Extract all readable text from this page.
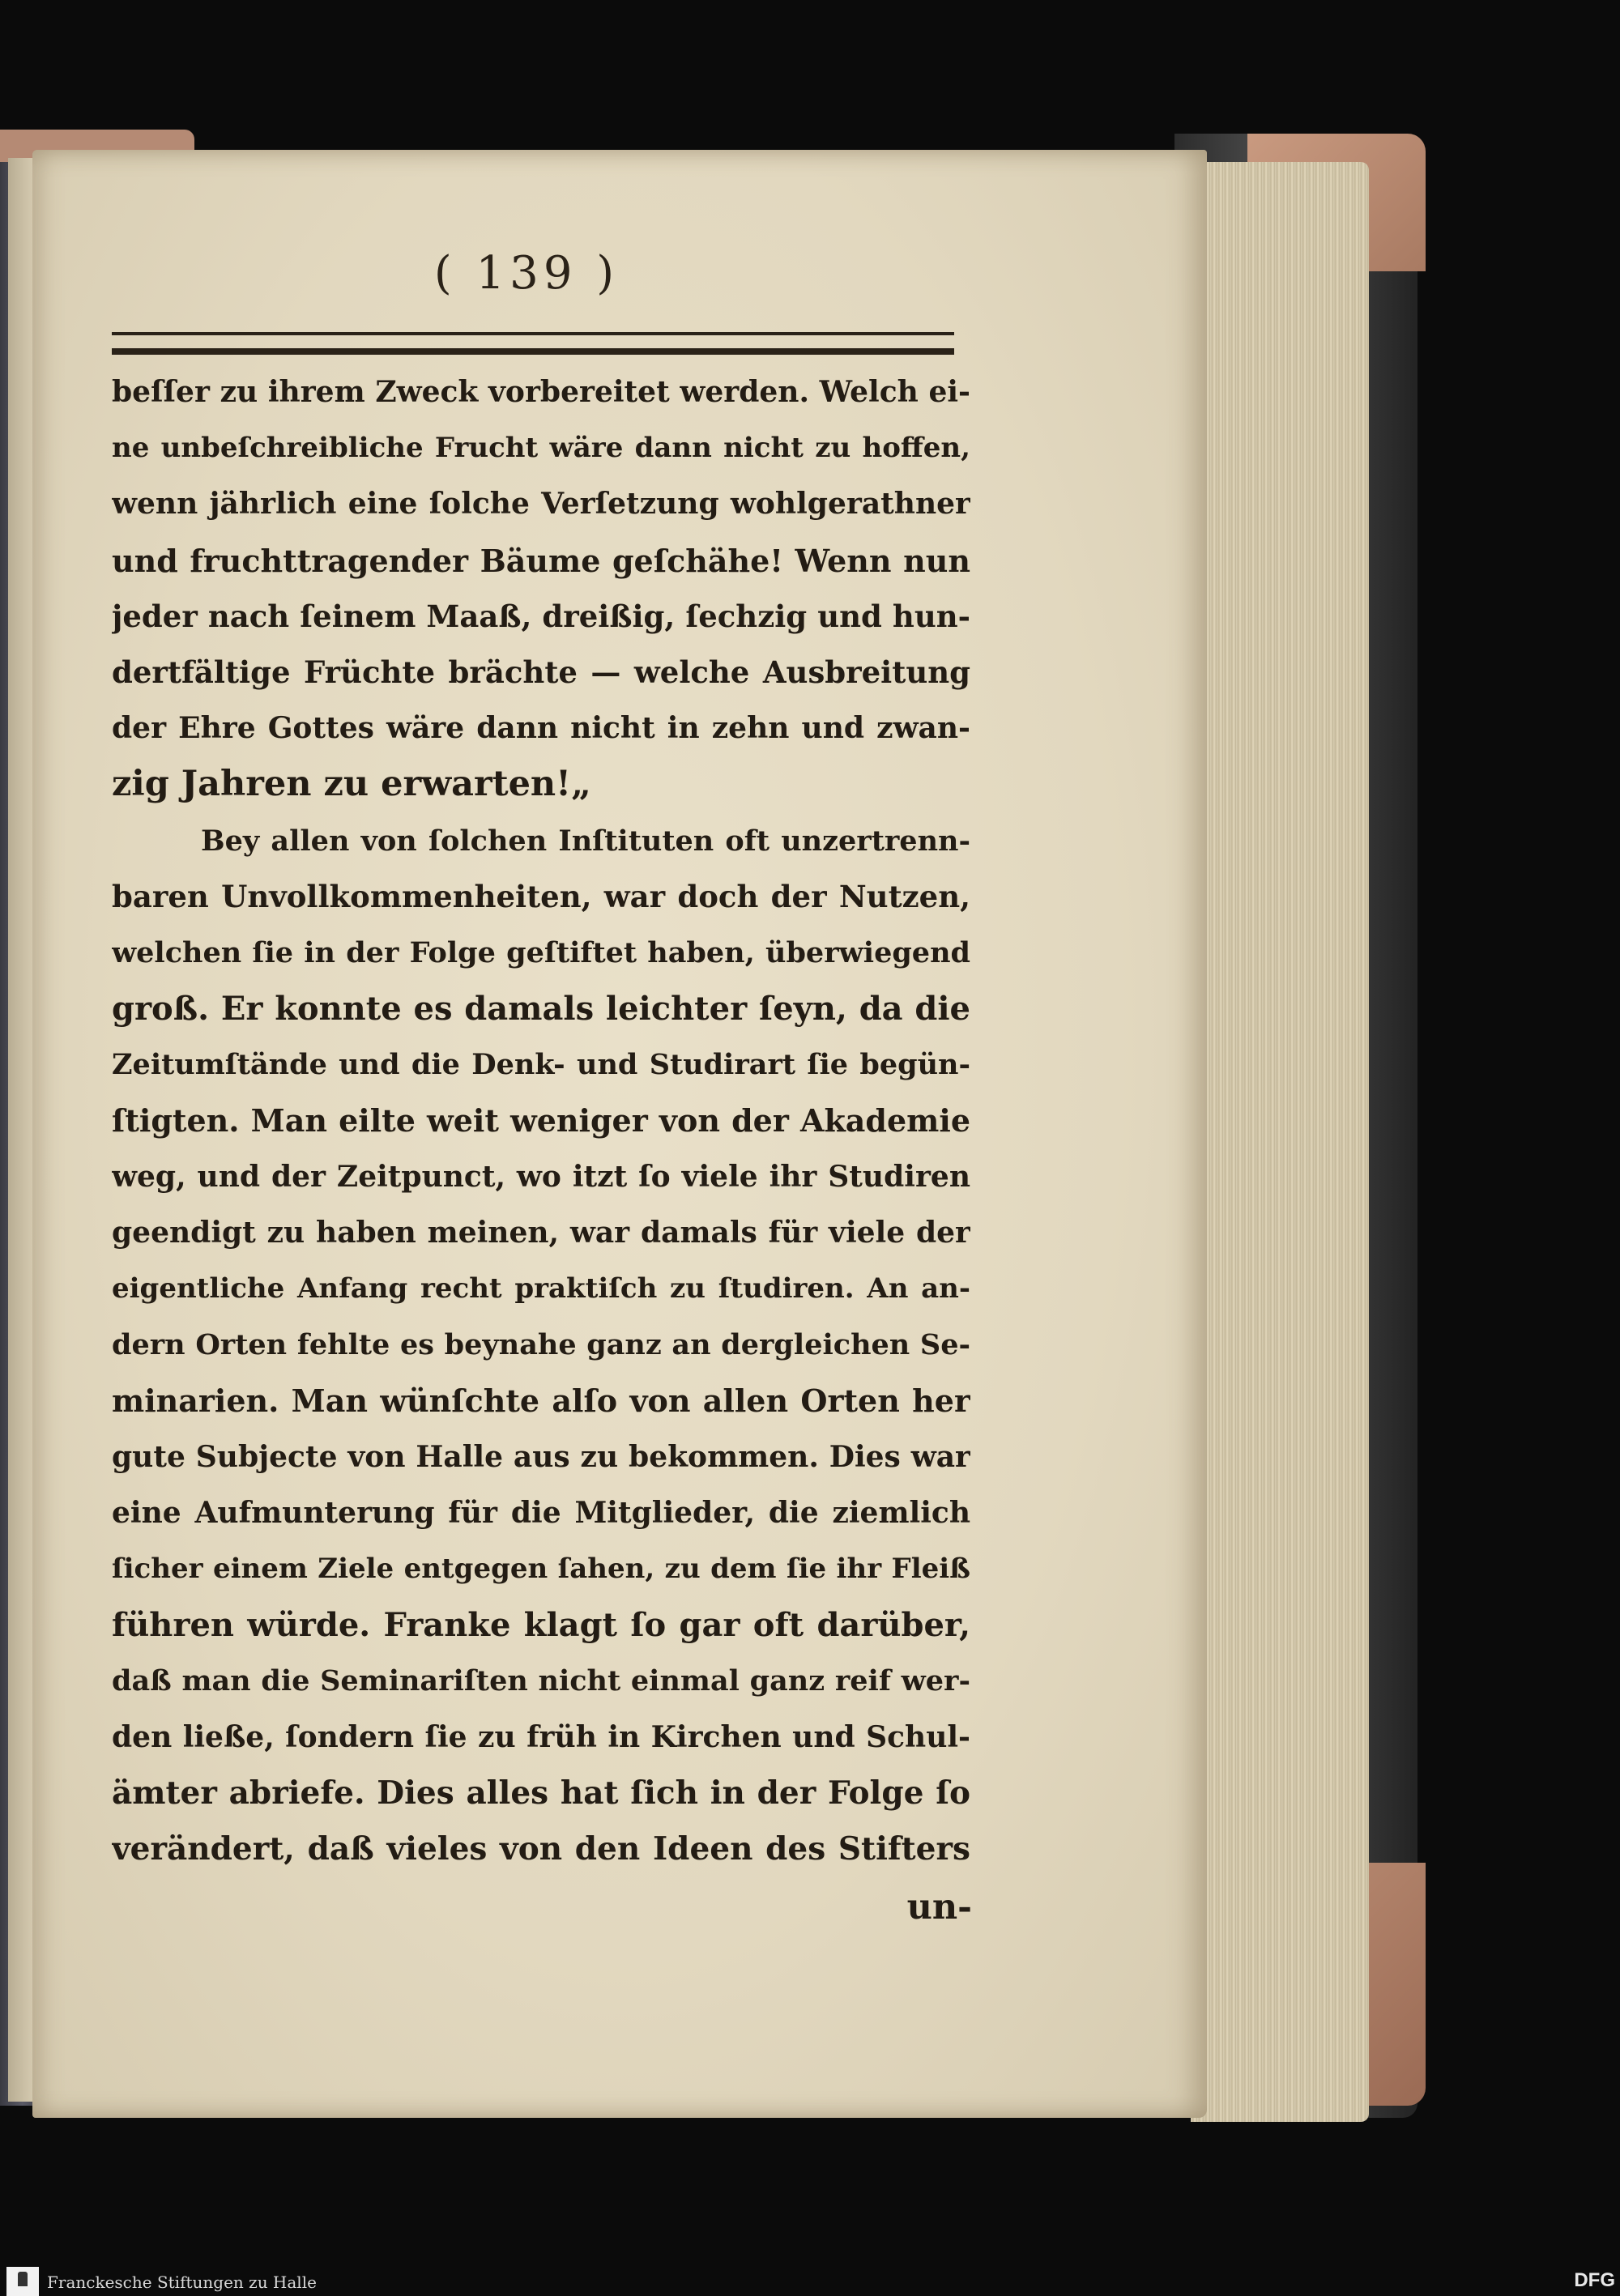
( 139 )
beſſer zu ihrem Zweck vorbereitet werden. Welch ei-
ne unbeſchreibliche Frucht wäre dann nicht zu hoffen,
wenn jährlich eine ſolche Verſetzung wohlgerathner
und fruchttragender Bäume geſchähe! Wenn nun
jeder nach ſeinem Maaß, dreißig, ſechzig und hun-
dertfältige Früchte brächte — welche Ausbreitung
der Ehre Gottes wäre dann nicht in zehn und zwan-
zig Jahren zu erwarten!„
Bey allen von ſolchen Inſtituten oft unzertrenn-
baren Unvollkommenheiten, war doch der Nutzen,
welchen ſie in der Folge geſtiftet haben, überwiegend
groß. Er konnte es damals leichter ſeyn, da die
Zeitumſtände und die Denk- und Studirart ſie begün-
ſtigten. Man eilte weit weniger von der Akademie
weg, und der Zeitpunct, wo itzt ſo viele ihr Studiren
geendigt zu haben meinen, war damals für viele der
eigentliche Anfang recht praktiſch zu ſtudiren. An an-
dern Orten fehlte es beynahe ganz an dergleichen Se-
minarien. Man wünſchte alſo von allen Orten her
gute Subjecte von Halle aus zu bekommen. Dies war
eine Aufmunterung für die Mitglieder, die ziemlich
ſicher einem Ziele entgegen ſahen, zu dem ſie ihr Fleiß
führen würde. Franke klagt ſo gar oft darüber,
daß man die Seminariſten nicht einmal ganz reif wer-
den ließe, ſondern ſie zu früh in Kirchen und Schul-
ämter abriefe. Dies alles hat ſich in der Folge ſo
verändert, daß vieles von den Ideen des Stifters
un-
Franckesche Stiftungen zu Halle	DFG
